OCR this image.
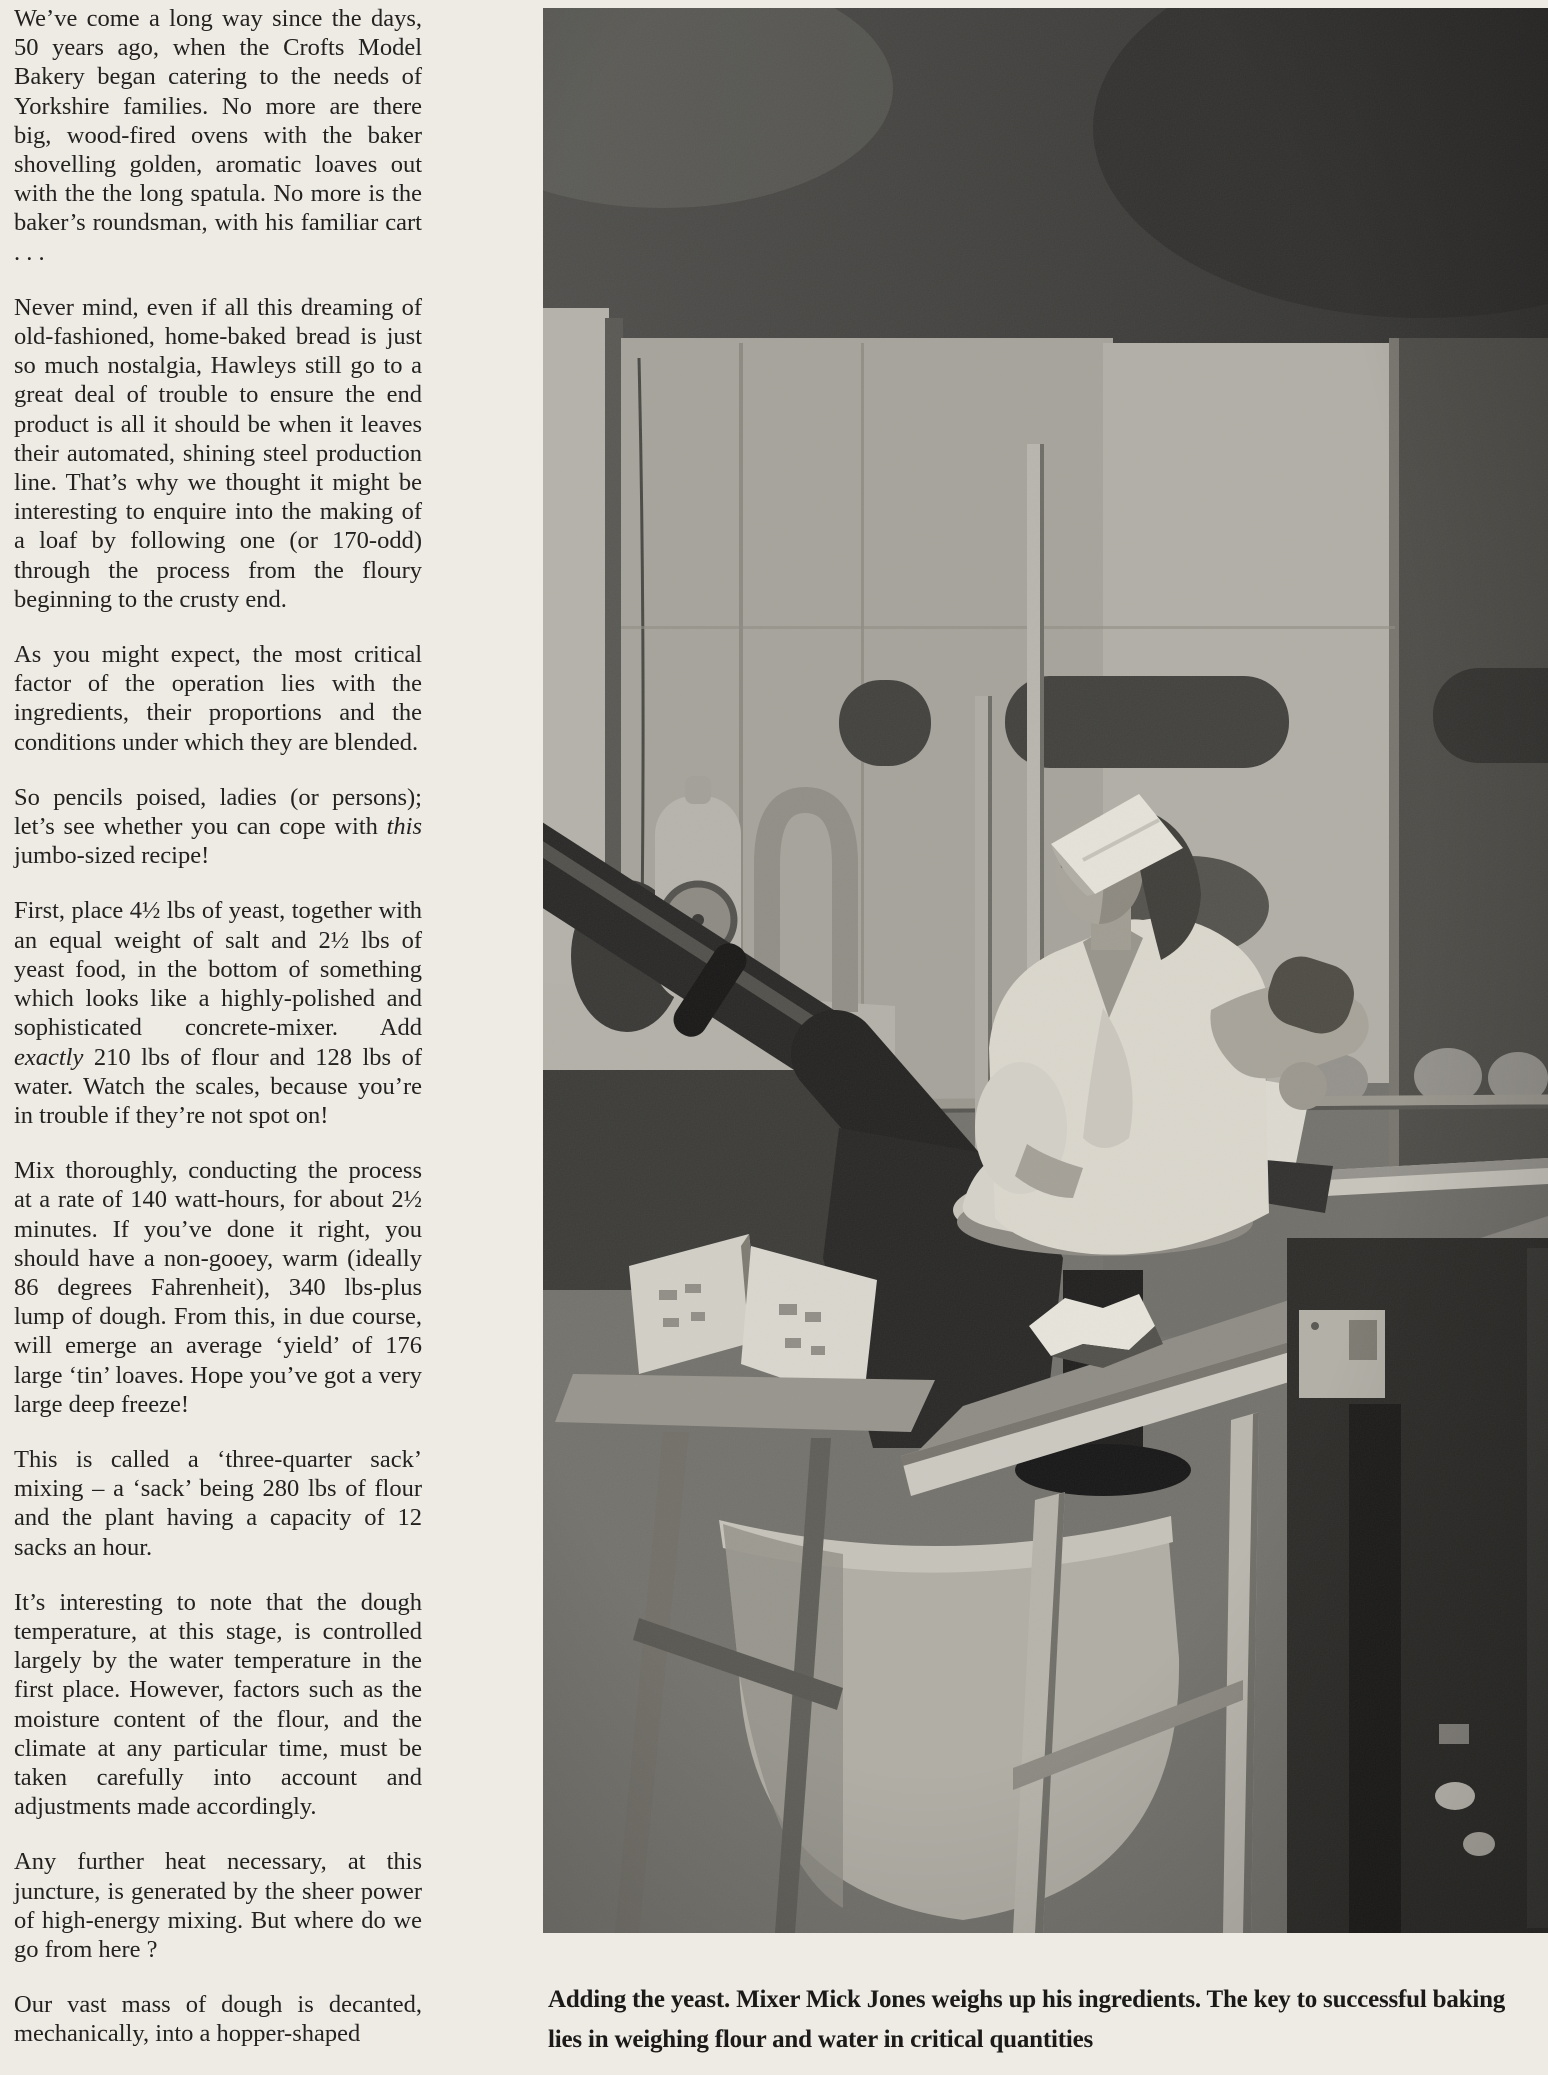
We’ve come a long way since the days, 50 years ago, when the Crofts Model Bakery began catering to the needs of Yorkshire families. No more are there big, wood-fired ovens with the baker shovelling golden, aromatic loaves out with the the long spatula. No more is the baker’s roundsman, with his familiar cart . . .

Never mind, even if all this dreaming of old-fashioned, home-baked bread is just so much nostalgia, Hawleys still go to a great deal of trouble to ensure the end product is all it should be when it leaves their automated, shining steel production line. That’s why we thought it might be interesting to enquire into the making of a loaf by following one (or 170-odd) through the process from the floury beginning to the crusty end.

As you might expect, the most critical factor of the operation lies with the ingredients, their proportions and the conditions under which they are blended.

So pencils poised, ladies (or persons); let’s see whether you can cope with this jumbo-sized recipe!

First, place 4½ lbs of yeast, together with an equal weight of salt and 2½ lbs of yeast food, in the bottom of something which looks like a highly-polished and sophisticated concrete-mixer. Add exactly 210 lbs of flour and 128 lbs of water. Watch the scales, because you’re in trouble if they’re not spot on!

Mix thoroughly, conducting the process at a rate of 140 watt-hours, for about 2½ minutes. If you’ve done it right, you should have a non-gooey, warm (ideally 86 degrees Fahrenheit), 340 lbs-plus lump of dough. From this, in due course, will emerge an average ‘yield’ of 176 large ‘tin’ loaves. Hope you’ve got a very large deep freeze!

This is called a ‘three-quarter sack’ mixing – a ‘sack’ being 280 lbs of flour and the plant having a capacity of 12 sacks an hour.

It’s interesting to note that the dough temperature, at this stage, is controlled largely by the water temperature in the first place. However, factors such as the moisture content of the flour, and the climate at any particular time, must be taken carefully into account and adjustments made accordingly.

Any further heat necessary, at this juncture, is generated by the sheer power of high-energy mixing. But where do we go from here ?

Our vast mass of dough is decanted, mechanically, into a hopper-shaped

Adding the yeast. Mixer Mick Jones weighs up his ingredients. The key to successful baking lies in weighing flour and water in critical quantities
